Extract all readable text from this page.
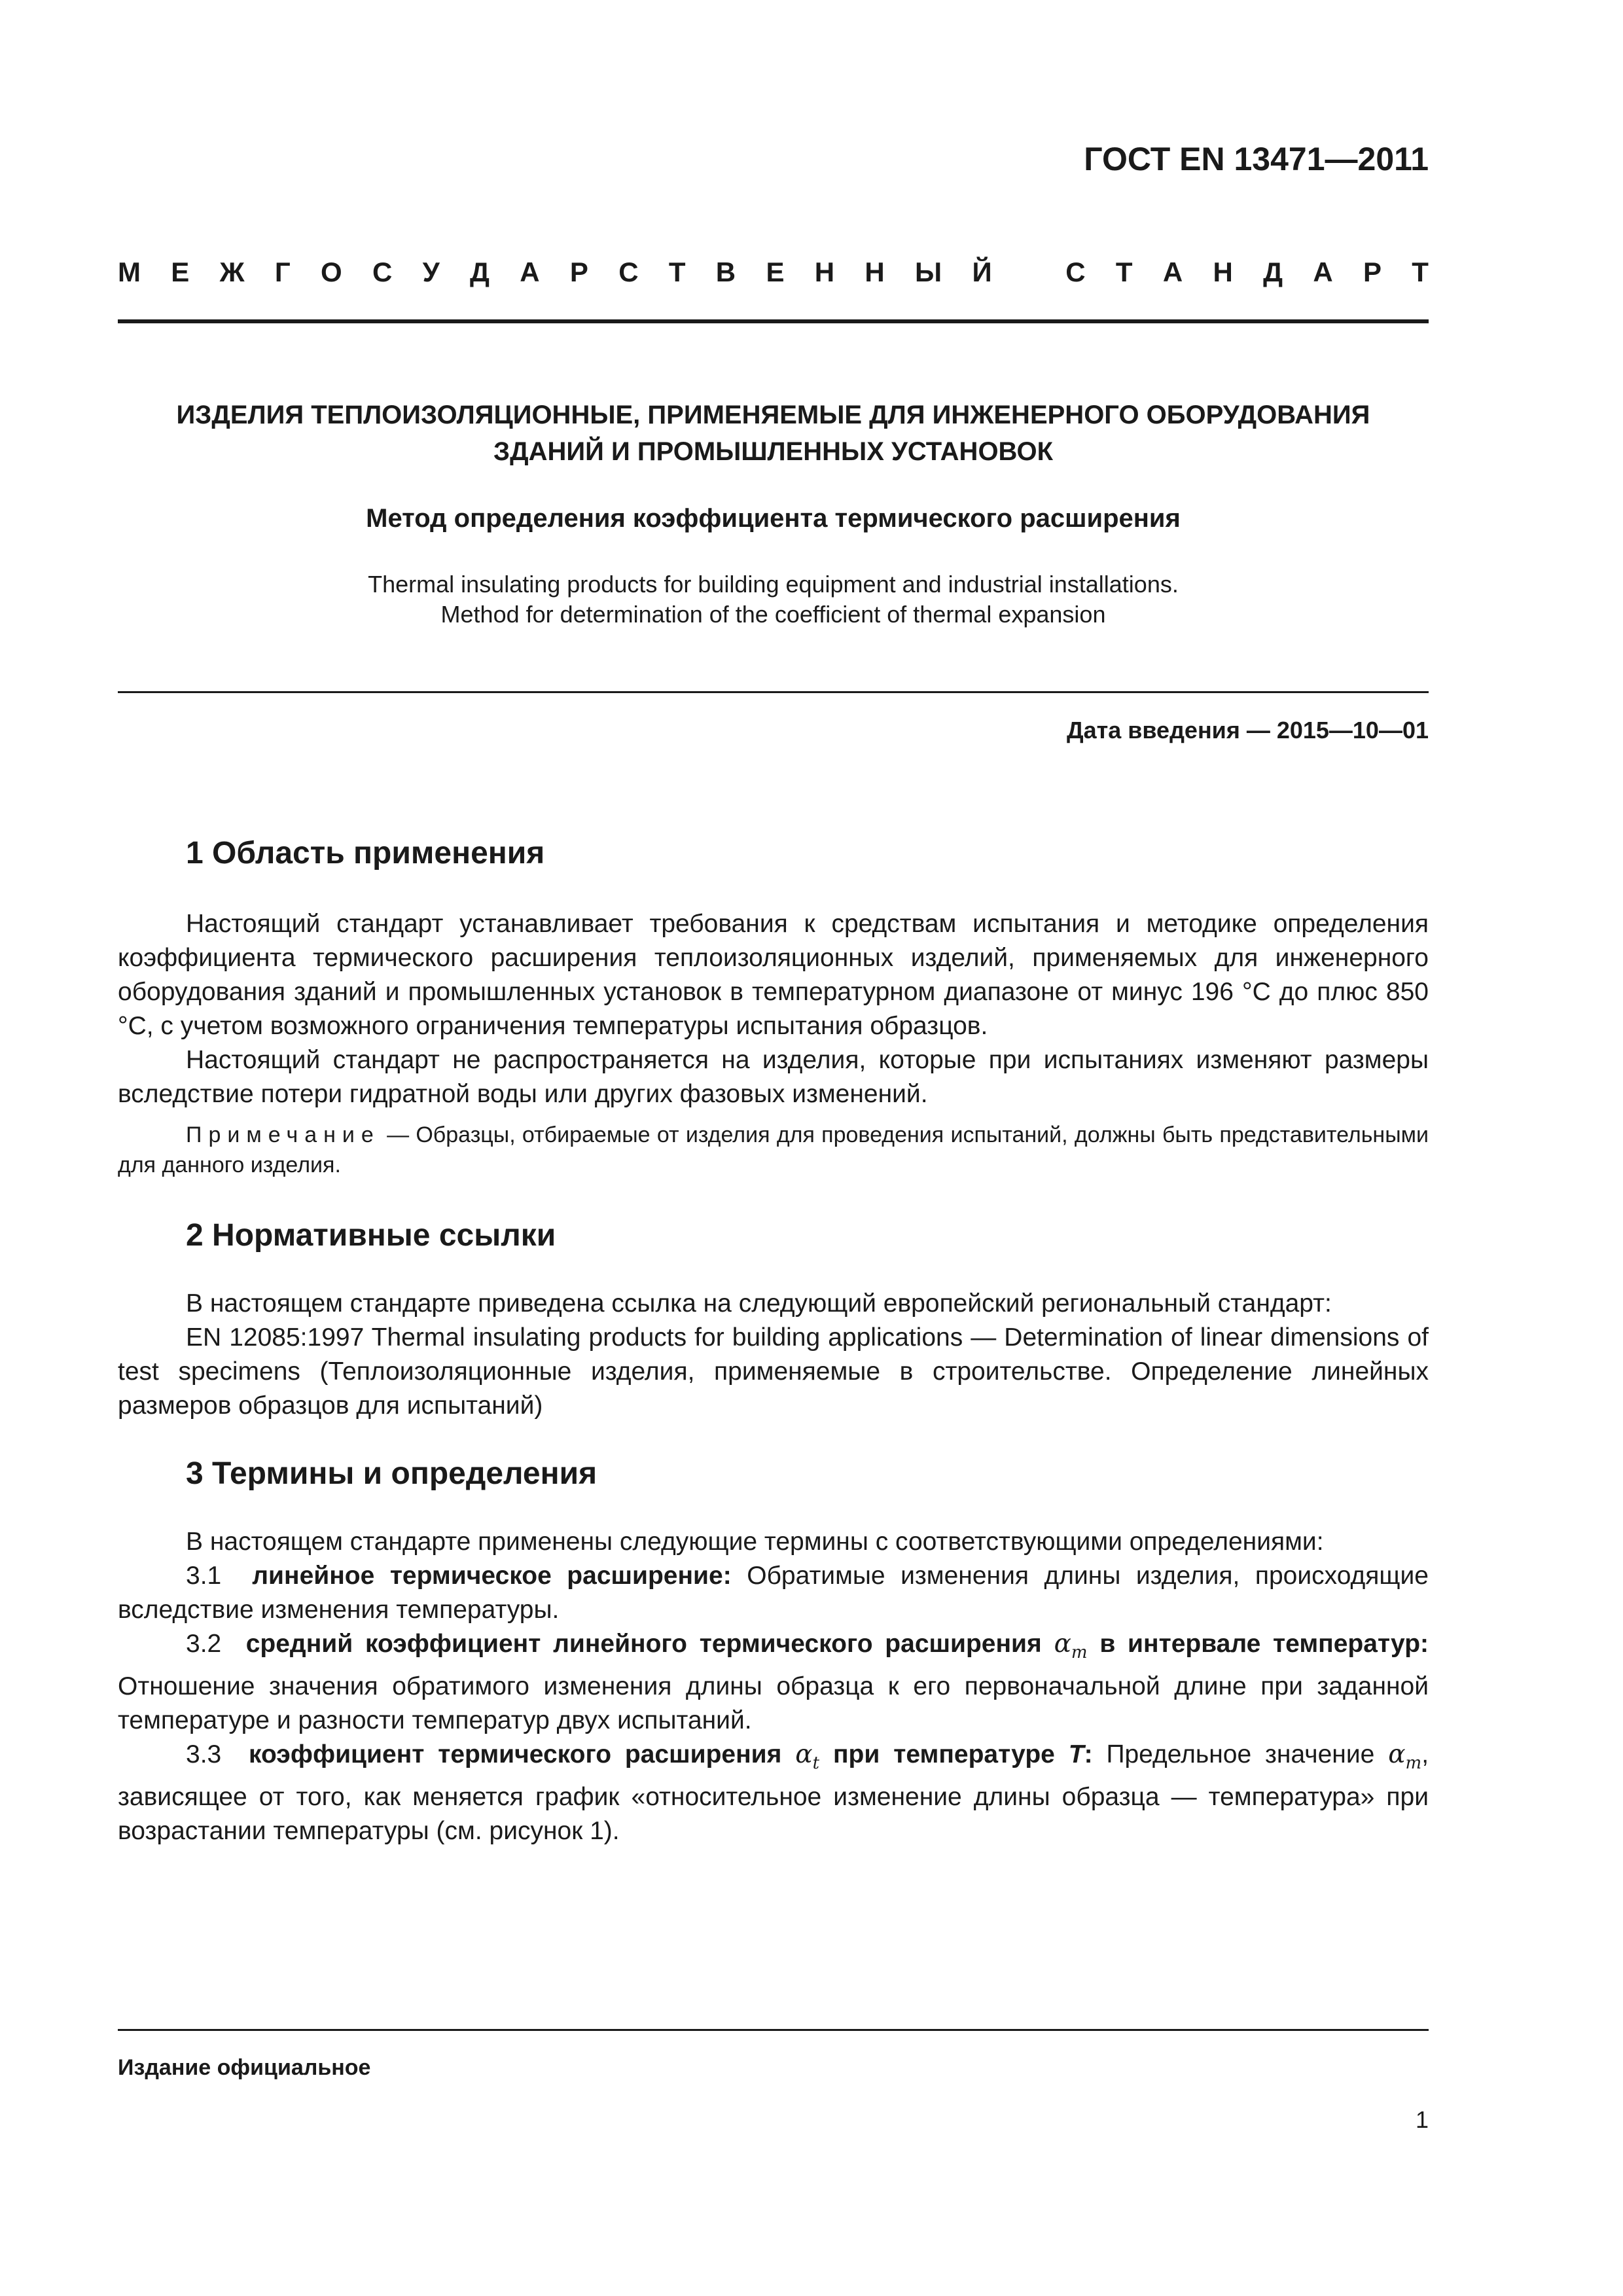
ГОСТ EN 13471—2011
М Е Ж Г О С У Д А Р С Т В Е Н Н Ы Й	С Т А Н Д А Р Т
ИЗДЕЛИЯ ТЕПЛОИЗОЛЯЦИОННЫЕ, ПРИМЕНЯЕМЫЕ ДЛЯ ИНЖЕНЕРНОГО ОБОРУДОВАНИЯ
ЗДАНИЙ И ПРОМЫШЛЕННЫХ УСТАНОВОК
Метод определения коэффициента термического расширения
Thermal insulating products for building equipment and industrial installations.
Method for determination of the coefficient of thermal expansion
Дата введения — 2015—10—01
1 Область применения

Настоящий стандарт устанавливает требования к средствам испытания и методике определения коэффициента термического расширения теплоизоляционных изделий, применяемых для инженерного оборудования зданий и промышленных установок в температурном диапазоне от минус 196 °С до плюс 850 °С, с учетом возможного ограничения температуры испытания образцов.

Настоящий стандарт не распространяется на изделия, которые при испытаниях изменяют размеры вследствие потери гидратной воды или других фазовых изменений.

Примечание — Образцы, отбираемые от изделия для проведения испытаний, должны быть представительными для данного изделия.

2 Нормативные ссылки

В настоящем стандарте приведена ссылка на следующий европейский региональный стандарт:

EN 12085:1997 Thermal insulating products for building applications — Determination of linear dimensions of test specimens (Теплоизоляционные изделия, применяемые в строительстве. Определение линейных размеров образцов для испытаний)

3 Термины и определения

В настоящем стандарте применены следующие термины с соответствующими определениями:

3.1 линейное термическое расширение: Обратимые изменения длины изделия, происходящие вследствие изменения температуры.

3.2 средний коэффициент линейного термического расширения $\alpha_m$ в интервале температур: Отношение значения обратимого изменения длины образца к его первоначальной длине при заданной температуре и разности температур двух испытаний.

3.3 коэффициент термического расширения $\alpha_t$ при температуре T: Предельное значение $\alpha_m$, зависящее от того, как меняется график «относительное изменение длины образца — температура» при возрастании температуры (см. рисунок 1).

Издание официальное
1
